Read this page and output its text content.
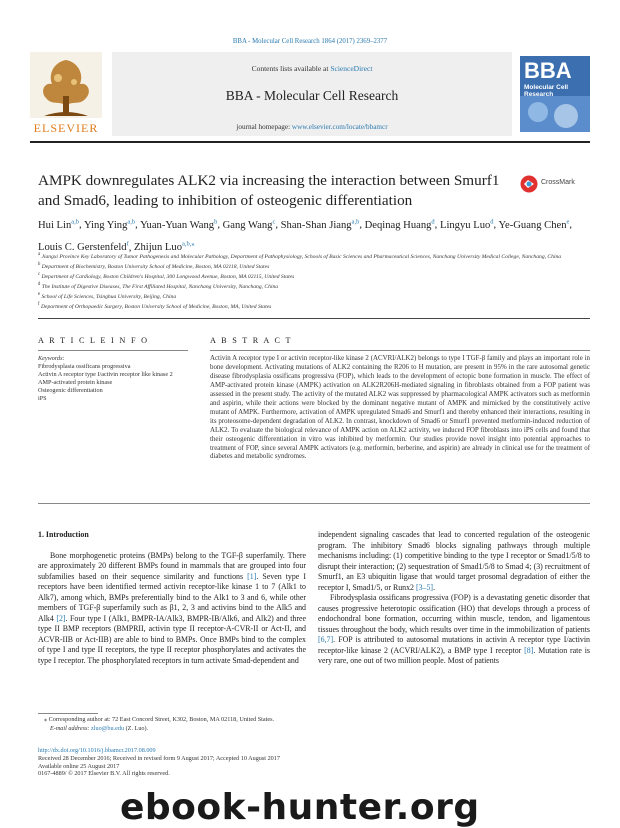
BBA - Molecular Cell Research 1864 (2017) 2369–2377
ELSEVIER
Contents lists available at ScienceDirect
BBA - Molecular Cell Research
journal homepage: www.elsevier.com/locate/bbamcr
BBA
Molecular Cell Research
AMPK downregulates ALK2 via increasing the interaction between Smurf1 and Smad6, leading to inhibition of osteogenic differentiation
CrossMark
Hui Lin$^{a,b}$, Ying Ying$^{a,b}$, Yuan-Yuan Wang$^b$, Gang Wang$^c$, Shan-Shan Jiang$^{a,b}$, Deqinag Huang$^d$, Lingyu Luo$^d$, Ye-Guang Chen$^e$, Louis C. Gerstenfeld$^f$, Zhijun Luo$^{a,b,⁎}$
$^a$ Jiangxi Province Key Laboratory of Tumor Pathogenesis and Molecular Pathology, Department of Pathophysiology, Schools of Basic Sciences and Pharmaceutical Sciences, Nanchang University Medical College, Nanchang, China
$^b$ Department of Biochemistry, Boston University School of Medicine, Boston, MA 02118, United States
$^c$ Department of Cardiology, Boston Children's Hospital, 300 Longwood Avenue, Boston, MA 02115, United States
$^d$ The Institute of Digestive Diseases, The First Affiliated Hospital, Nanchang University, Nanchang, China
$^e$ School of Life Sciences, Tsinghua University, Beijing, China
$^f$ Department of Orthopaedic Surgery, Boston University School of Medicine, Boston, MA, United States
A R T I C L E I N F O	A B S T R A C T
Keywords:
Fibrodysplasia ossificans progressiva
Activin A receptor type I/activin receptor like kinase 2
AMP-activated protein kinase
Osteogenic differentiation
iPS
Activin A receptor type I or activin receptor-like kinase 2 (ACVRI/ALK2) belongs to type I TGF-β family and plays an important role in bone development. Activating mutations of ALK2 containing the R206 to H mutation, are present in 95% in the rare autosomal genetic disease fibrodysplasia ossificans progressiva (FOP), which leads to the development of ectopic bone formation in muscle. The effect of AMP-activated protein kinase (AMPK) activation on ALK2R206H-mediated signaling in fibroblasts obtained from a FOP patient was assessed in the present study. The activity of the mutated ALK2 was suppressed by pharmacological AMPK activators such as metformin and aspirin, while their actions were blocked by the dominant negative mutant of AMPK and mimicked by the constitutively active mutant of AMPK. Furthermore, activation of AMPK upregulated Smad6 and Smurf1 and thereby enhanced their interactions, resulting in its proteosome-dependent degradation of ALK2. In contrast, knockdown of Smad6 or Smurf1 prevented metformin-induced reduction of ALK2. To evaluate the biological relevance of AMPK action on ALK2 activity, we induced FOP fibroblasts into iPS cells and found that their osteogenic differentiation in vitro was inhibited by metformin. Our studies provide novel insight into potential approaches to treatment of FOP, since several AMPK activators (e.g. metformin, berberine, and aspirin) are already in clinical use for the treatment of diabetes and metabolic syndromes.
1. Introduction

Bone morphogenetic proteins (BMPs) belong to the TGF-β superfamily. There are approximately 20 different BMPs found in mammals that are grouped into four subfamilies based on their sequence similarity and functions [1]. Seven type I receptors have been identified termed activin receptor-like kinase 1 to 7 (Alk1 to Alk7), among which, BMPs preferentially bind to the Alk1 to 3 and 6, while other members of TGF-β superfamily such as β1, 2, 3 and activins bind to the Alk5 and Alk4 [2]. Four type I (Alk1, BMPR-IA/Alk3, BMPR-IB/Alk6, and Alk2) and three type II BMP receptors (BMPRII, activin type II receptor-A-CVR-II or Act-II, and ACVR-IIB or Act-IIB) are able to bind to BMPs. Once BMPs bind to the complex of type I and type II receptors, the type II receptor phosphorylates and activates the type I receptor. The phosphorylated receptors in turn activate Smad-dependent and

independent signaling cascades that lead to concerted regulation of the osteogenic program. The inhibitory Smad6 blocks signaling pathways through multiple mechanisms including: (1) competitive binding to the type I receptor or Smad1/5/8 to disrupt their interaction; (2) sequestration of Smad1/5/8 to Smad 4; (3) recruitment of Smurf1, an E3 ubiquitin ligase that would target prosomal degradation of either the receptor I, Smad1/5, or Runx2 [3–5].

Fibrodysplasia ossificans progressiva (FOP) is a devastating genetic disorder that causes progressive heterotopic ossification (HO) that develops through a process of endochondral bone formation, occurring within muscle, tendon, and ligamentous tissues throughout the body, which results over time in the immobilization of patients [6,7]. FOP is attributed to autosomal mutations in activin A receptor type I/activin receptor-like kinase 2 (ACVRI/ALK2), a BMP type I receptor [8]. Mutation rate is very rare, one out of two million people. Most of patients

⁎ Corresponding author at: 72 East Concord Street, K302, Boston, MA 02118, United States.
E-mail address: zluo@bu.edu (Z. Luo).
http://dx.doi.org/10.1016/j.bbamcr.2017.08.009
Received 28 December 2016; Received in revised form 9 August 2017; Accepted 10 August 2017
Available online 25 August 2017
0167-4889/ © 2017 Elsevier B.V. All rights reserved.
ebook-hunter.org
